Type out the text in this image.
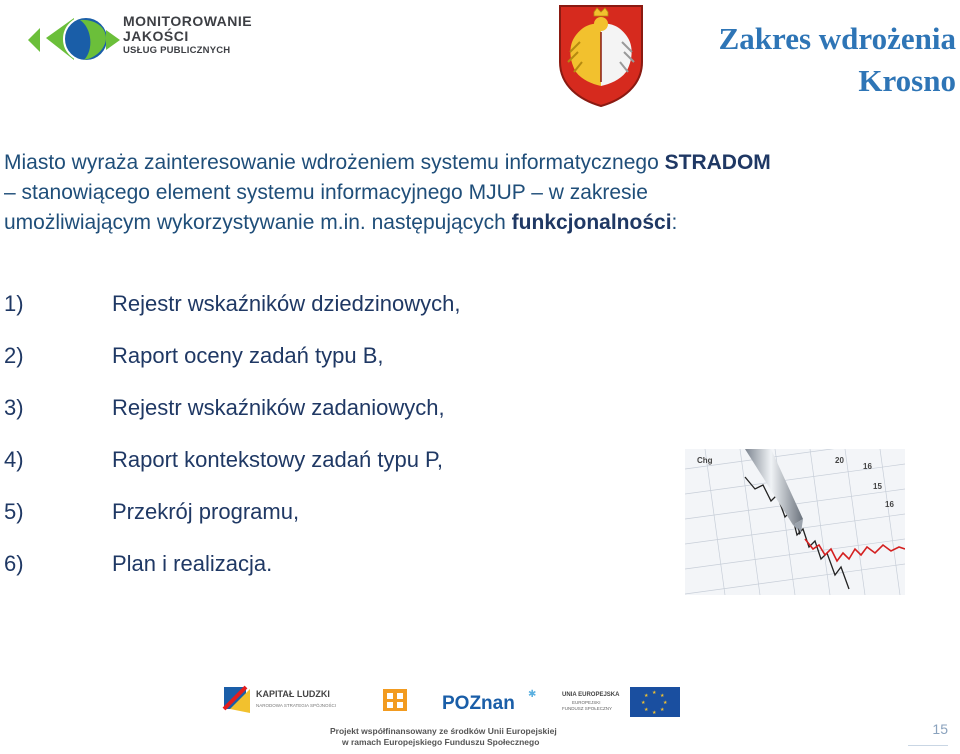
MONITOROWANIE
JAKOŚCI
USŁUG PUBLICZNYCH	Zakres wdrożenia
Krosno

Miasto wyraża zainteresowanie wdrożeniem systemu informatycznego STRADOM

– stanowiącego element systemu informacyjnego MJUP – w zakresie

umożliwiającym wykorzystywanie m.in. następujących funkcjonalności:

1)	Rejestr wskaźników dziedzinowych,
2)	Raport oceny zadań typu B,
3)	Rejestr wskaźników zadaniowych,
4)	Raport kontekstowy zadań typu P,
5)	Przekrój programu,
6)	Plan i realizacja.
Chg	20
16
15
16
KAPITAŁ LUDZKI
NARODOWA STRATEGIA SPÓJNOŚCI	POZnan ✱	UNIA EUROPEJSKA
EUROPEJSKI
FUNDUSZ SPOŁECZNY
★ ★
★
★
★
★
★
★
Projekt współfinansowany ze środków Unii Europejskiej
w ramach Europejskiego Funduszu Społecznego
15
